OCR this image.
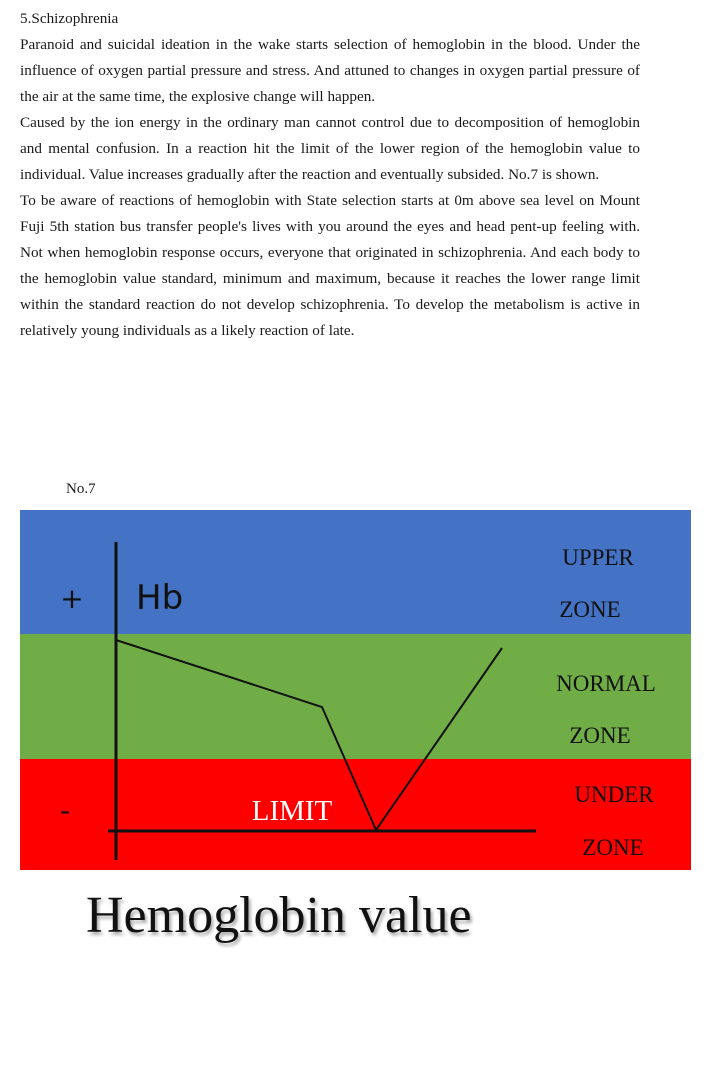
5.Schizophrenia

Paranoid and suicidal ideation in the wake starts selection of hemoglobin in the blood. Under the influence of oxygen partial pressure and stress. And attuned to changes in oxygen partial pressure of the air at the same time, the explosive change will happen.

Caused by the ion energy in the ordinary man cannot control due to decomposition of hemoglobin and mental confusion. In a reaction hit the limit of the lower region of the hemoglobin value to individual. Value increases gradually after the reaction and eventually subsided. No.7 is shown.

To be aware of reactions of hemoglobin with State selection starts at 0m above sea level on Mount Fuji 5th station bus transfer people's lives with you around the eyes and head pent-up feeling with. Not when hemoglobin response occurs, everyone that originated in schizophrenia. And each body to the hemoglobin value standard, minimum and maximum, because it reaches the lower range limit within the standard reaction do not develop schizophrenia. To develop the metabolism is active in relatively young individuals as a likely reaction of late.

No.7
+
-
Hb
LIMIT
UPPER
ZONE
NORMAL
ZONE
UNDER
ZONE
Hemoglobin value
